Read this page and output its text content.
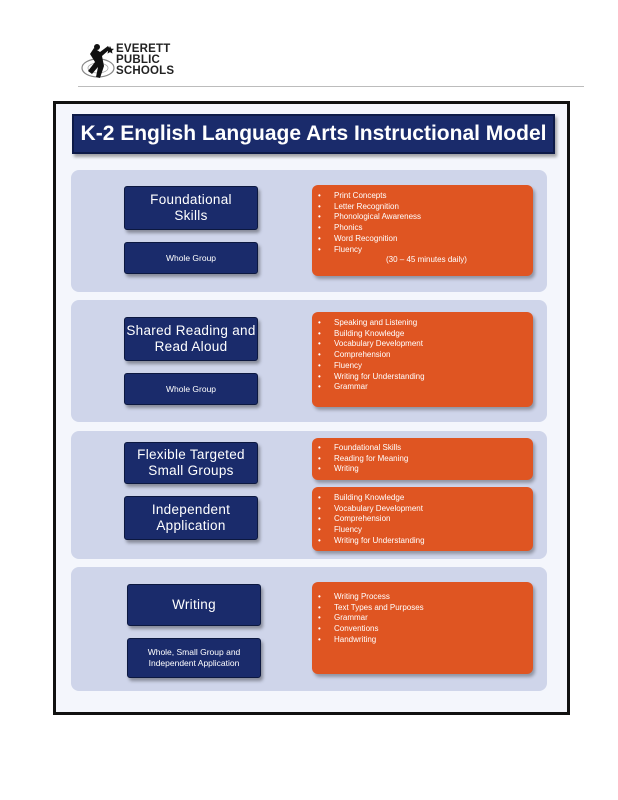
EVERETT
PUBLIC
SCHOOLS
K-2 English Language Arts Instructional Model
Foundational
Skills
Whole Group
• Print Concepts
• Letter Recognition
• Phonological Awareness
• Phonics
• Word Recognition
• Fluency
(30 – 45 minutes daily)
Shared Reading and
Read Aloud
Whole Group
• Speaking and Listening
• Building Knowledge
• Vocabulary Development
• Comprehension
• Fluency
• Writing for Understanding
• Grammar
Flexible Targeted
Small Groups
Independent
Application
• Foundational Skills
• Reading for Meaning
• Writing
• Building Knowledge
• Vocabulary Development
• Comprehension
• Fluency
• Writing for Understanding
Writing
Whole, Small Group and
Independent Application
• Writing Process
• Text Types and Purposes
• Grammar
• Conventions
• Handwriting
